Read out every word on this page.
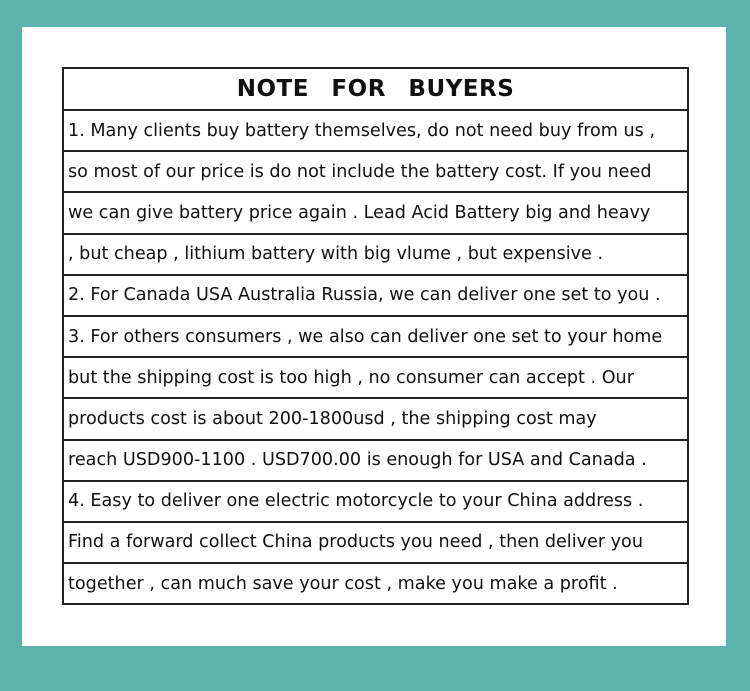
NOTE FOR BUYERS
1. Many clients buy battery themselves, do not need buy from us ,
so most of our price is do not include the battery cost. If you need
we can give battery price again . Lead Acid Battery big and heavy
, but cheap , lithium battery with big vlume , but expensive .
2. For Canada USA Australia Russia, we can deliver one set to you .
3. For others consumers , we also can deliver one set to your home
but the shipping cost is too high , no consumer can accept . Our
products cost is about 200-1800usd , the shipping cost may
reach USD900-1100 . USD700.00 is enough for USA and Canada .
4. Easy to deliver one electric motorcycle to your China address .
Find a forward collect China products you need , then deliver you
together , can much save your cost , make you make a profit .
